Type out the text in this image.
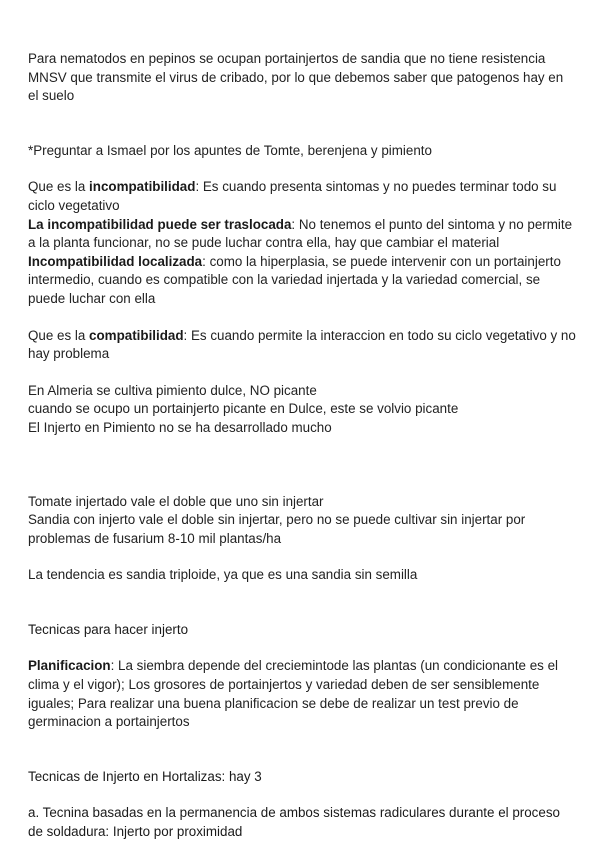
Para nematodos en pepinos se ocupan portainjertos de sandia que no tiene resistencia MNSV que transmite el virus de cribado, por lo que debemos saber que patogenos hay en el suelo

*Preguntar a Ismael por los apuntes de Tomte, berenjena y pimiento

Que es la incompatibilidad: Es cuando presenta sintomas y no puedes terminar todo su ciclo vegetativo

La incompatibilidad puede ser traslocada: No tenemos el punto del sintoma y no permite a la planta funcionar, no se pude luchar contra ella, hay que cambiar el material

Incompatibilidad localizada: como la hiperplasia, se puede intervenir con un portainjerto intermedio, cuando es compatible con la variedad injertada y la variedad comercial, se puede luchar con ella

Que es la compatibilidad: Es cuando permite la interaccion en todo su ciclo vegetativo y no hay problema

En Almeria se cultiva pimiento dulce, NO picante

cuando se ocupo un portainjerto picante en Dulce, este se volvio picante

El Injerto en Pimiento no se ha desarrollado mucho

Tomate injertado vale el doble que uno sin injertar

Sandia con injerto vale el doble sin injertar, pero no se puede cultivar sin injertar por problemas de fusarium 8-10 mil plantas/ha

La tendencia es sandia triploide, ya que es una sandia sin semilla

Tecnicas para hacer injerto

Planificacion: La siembra depende del creciemintode las plantas (un condicionante es el clima y el vigor); Los grosores de portainjertos y variedad deben de ser sensiblemente iguales; Para realizar una buena planificacion se debe de realizar un test previo de germinacion a portainjertos

Tecnicas de Injerto en Hortalizas: hay 3

a. Tecnina basadas en la permanencia de ambos sistemas radiculares durante el proceso de soldadura: Injerto por proximidad
